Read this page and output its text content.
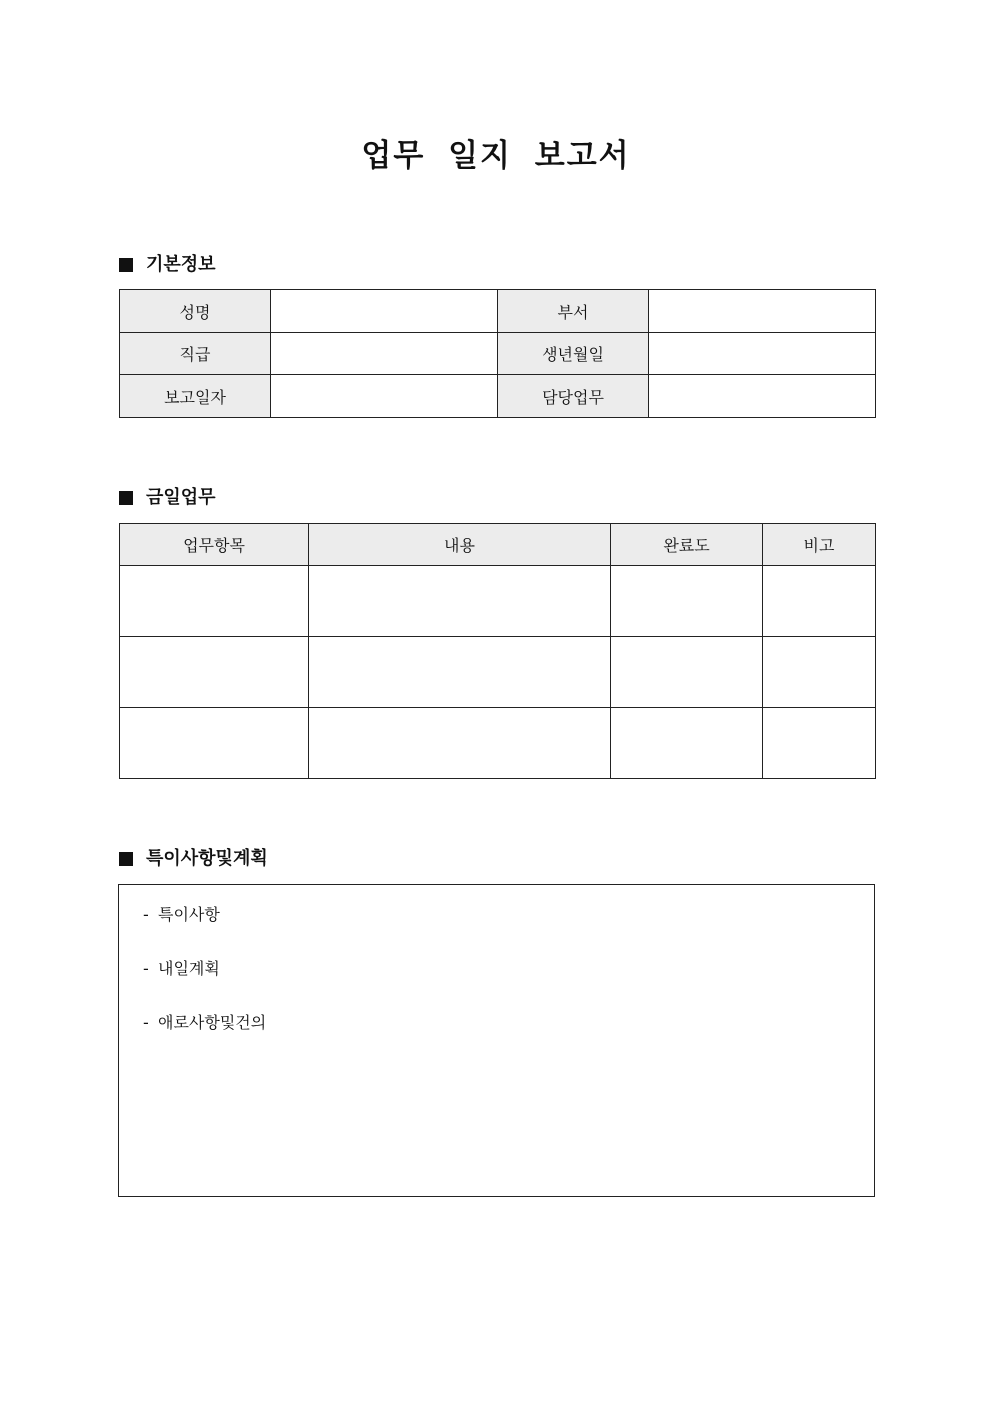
업무 일지 보고서
기본정보
성명		부서	
직급		생년월일	
보고일자		담당업무	
금일업무
업무항목	내용	완료도	비고

특이사항및계획
- 특이사항
- 내일계획
- 애로사항및건의
